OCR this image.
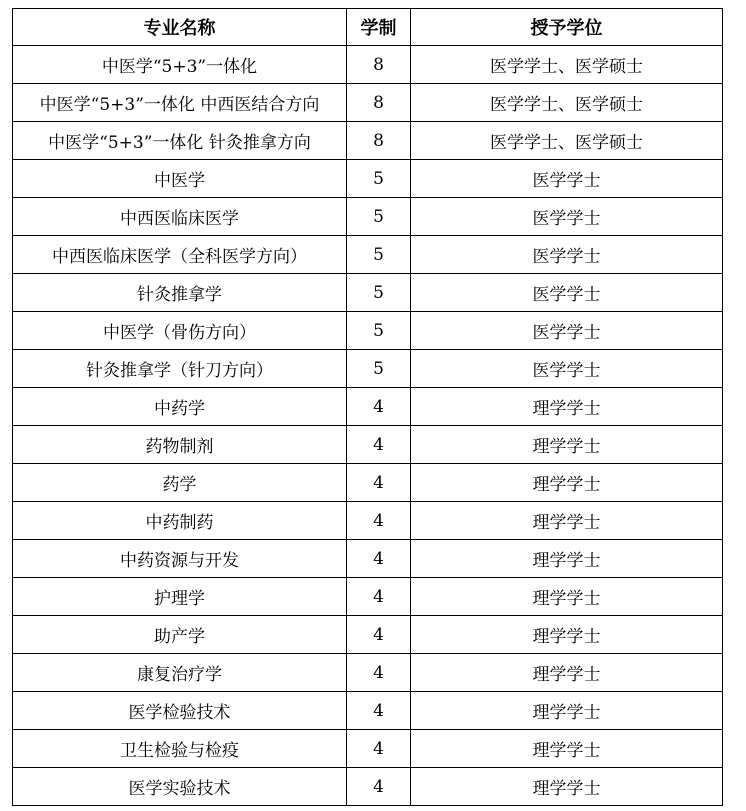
专业名称	学制	授予学位
中医学“5+3”一体化	8	医学学士、医学硕士
中医学“5+3”一体化 中西医结合方向	8	医学学士、医学硕士
中医学“5+3”一体化 针灸推拿方向	8	医学学士、医学硕士
中医学	5	医学学士
中西医临床医学	5	医学学士
中西医临床医学（全科医学方向）	5	医学学士
针灸推拿学	5	医学学士
中医学（骨伤方向）	5	医学学士
针灸推拿学（针刀方向）	5	医学学士
中药学	4	理学学士
药物制剂	4	理学学士
药学	4	理学学士
中药制药	4	理学学士
中药资源与开发	4	理学学士
护理学	4	理学学士
助产学	4	理学学士
康复治疗学	4	理学学士
医学检验技术	4	理学学士
卫生检验与检疫	4	理学学士
医学实验技术	4	理学学士
